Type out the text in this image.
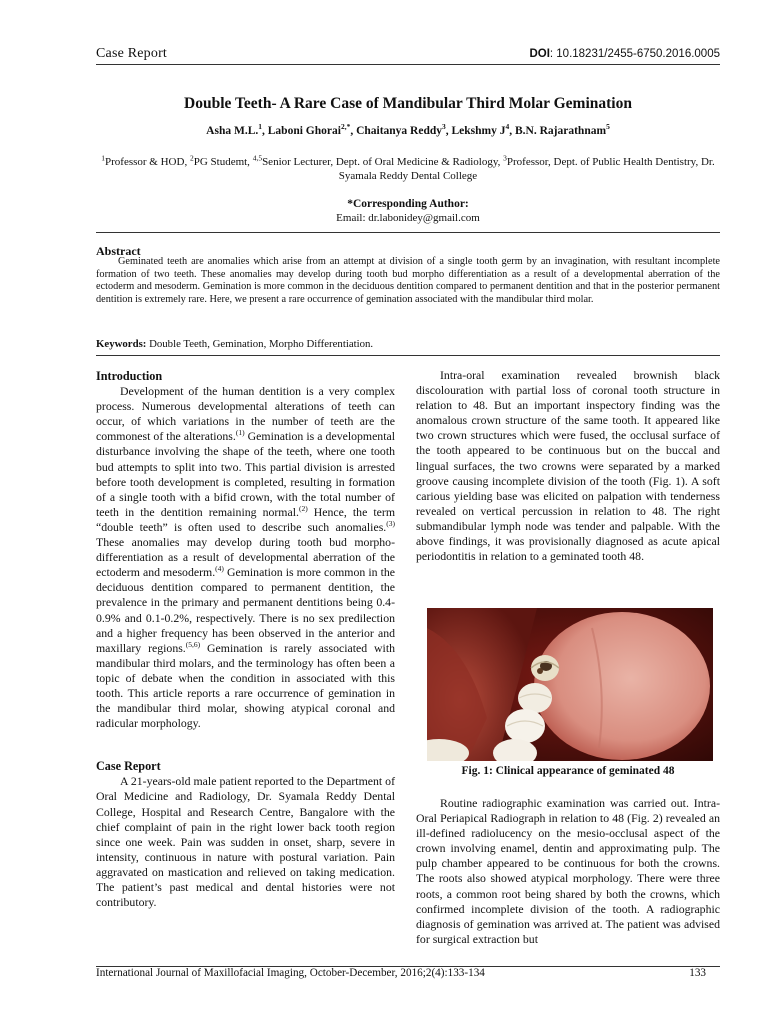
Case Report	DOI: 10.18231/2455-6750.2016.0005
Double Teeth- A Rare Case of Mandibular Third Molar Gemination
Asha M.L.$^1$, Laboni Ghorai$^{2,*}$, Chaitanya Reddy$^3$, Lekshmy $J^4$, B.N. Rajarathnam$^5$
$^1$Professor & HOD, $^2$PG Studemt, $^{4,5}$Senior Lecturer, Dept. of Oral Medicine & Radiology, $^3$Professor, Dept. of Public Health Dentistry, Dr. Syamala Reddy Dental College
*Corresponding Author:
Email: dr.labonidey@gmail.com
Abstract
Geminated teeth are anomalies which arise from an attempt at division of a single tooth germ by an invagination, with resultant incomplete formation of two teeth. These anomalies may develop during tooth bud morpho differentiation as a result of a developmental aberration of the ectoderm and mesoderm. Gemination is more common in the deciduous dentition compared to permanent dentition and that in the posterior permanent dentition is extremely rare. Here, we present a rare occurrence of gemination associated with the mandibular third molar.
Keywords: Double Teeth, Gemination, Morpho Differentiation.

Introduction

Development of the human dentition is a very complex process. Numerous developmental alterations of teeth can occur, of which variations in the number of teeth are the commonest of the alterations.$^{(1)}$ Gemination is a developmental disturbance involving the shape of the teeth, where one tooth bud attempts to split into two. This partial division is arrested before tooth development is completed, resulting in formation of a single tooth with a bifid crown, with the total number of teeth in the dentition remaining normal.$^{(2)}$ Hence, the term “double teeth” is often used to describe such anomalies.$^{(3)}$ These anomalies may develop during tooth bud morpho-differentiation as a result of developmental aberration of the ectoderm and mesoderm.$^{(4)}$ Gemination is more common in the deciduous dentition compared to permanent dentition, the prevalence in the primary and permanent dentitions being 0.4-0.9% and 0.1-0.2%, respectively. There is no sex predilection and a higher frequency has been observed in the anterior and maxillary regions.$^{(5,6)}$ Gemination is rarely associated with mandibular third molars, and the terminology has often been a topic of debate when the condition in associated with this tooth. This article reports a rare occurrence of gemination in the mandibular third molar, showing atypical coronal and radicular morphology.

Case Report

A 21-years-old male patient reported to the Department of Oral Medicine and Radiology, Dr. Syamala Reddy Dental College, Hospital and Research Centre, Bangalore with the chief complaint of pain in the right lower back tooth region since one week. Pain was sudden in onset, sharp, severe in intensity, continuous in nature with postural variation. Pain aggravated on mastication and relieved on taking medication. The patient’s past medical and dental histories were not contributory.

Intra-oral examination revealed brownish black discolouration with partial loss of coronal tooth structure in relation to 48. But an important inspectory finding was the anomalous crown structure of the same tooth. It appeared like two crown structures which were fused, the occlusal surface of the tooth appeared to be continuous but on the buccal and lingual surfaces, the two crowns were separated by a marked groove causing incomplete division of the tooth (Fig. 1). A soft carious yielding base was elicited on palpation with tenderness revealed on vertical percussion in relation to 48. The right submandibular lymph node was tender and palpable. With the above findings, it was provisionally diagnosed as acute apical periodontitis in relation to a geminated tooth 48.

Fig. 1: Clinical appearance of geminated 48

Routine radiographic examination was carried out. Intra-Oral Periapical Radiograph in relation to 48 (Fig. 2) revealed an ill-defined radiolucency on the mesio-occlusal aspect of the crown involving enamel, dentin and approximating pulp. The pulp chamber appeared to be continuous for both the crowns. The roots also showed atypical morphology. There were three roots, a common root being shared by both the crowns, which confirmed incomplete division of the tooth. A radiographic diagnosis of gemination was arrived at. The patient was advised for surgical extraction but

International Journal of Maxillofacial Imaging, October-December, 2016;2(4):133-134	133
